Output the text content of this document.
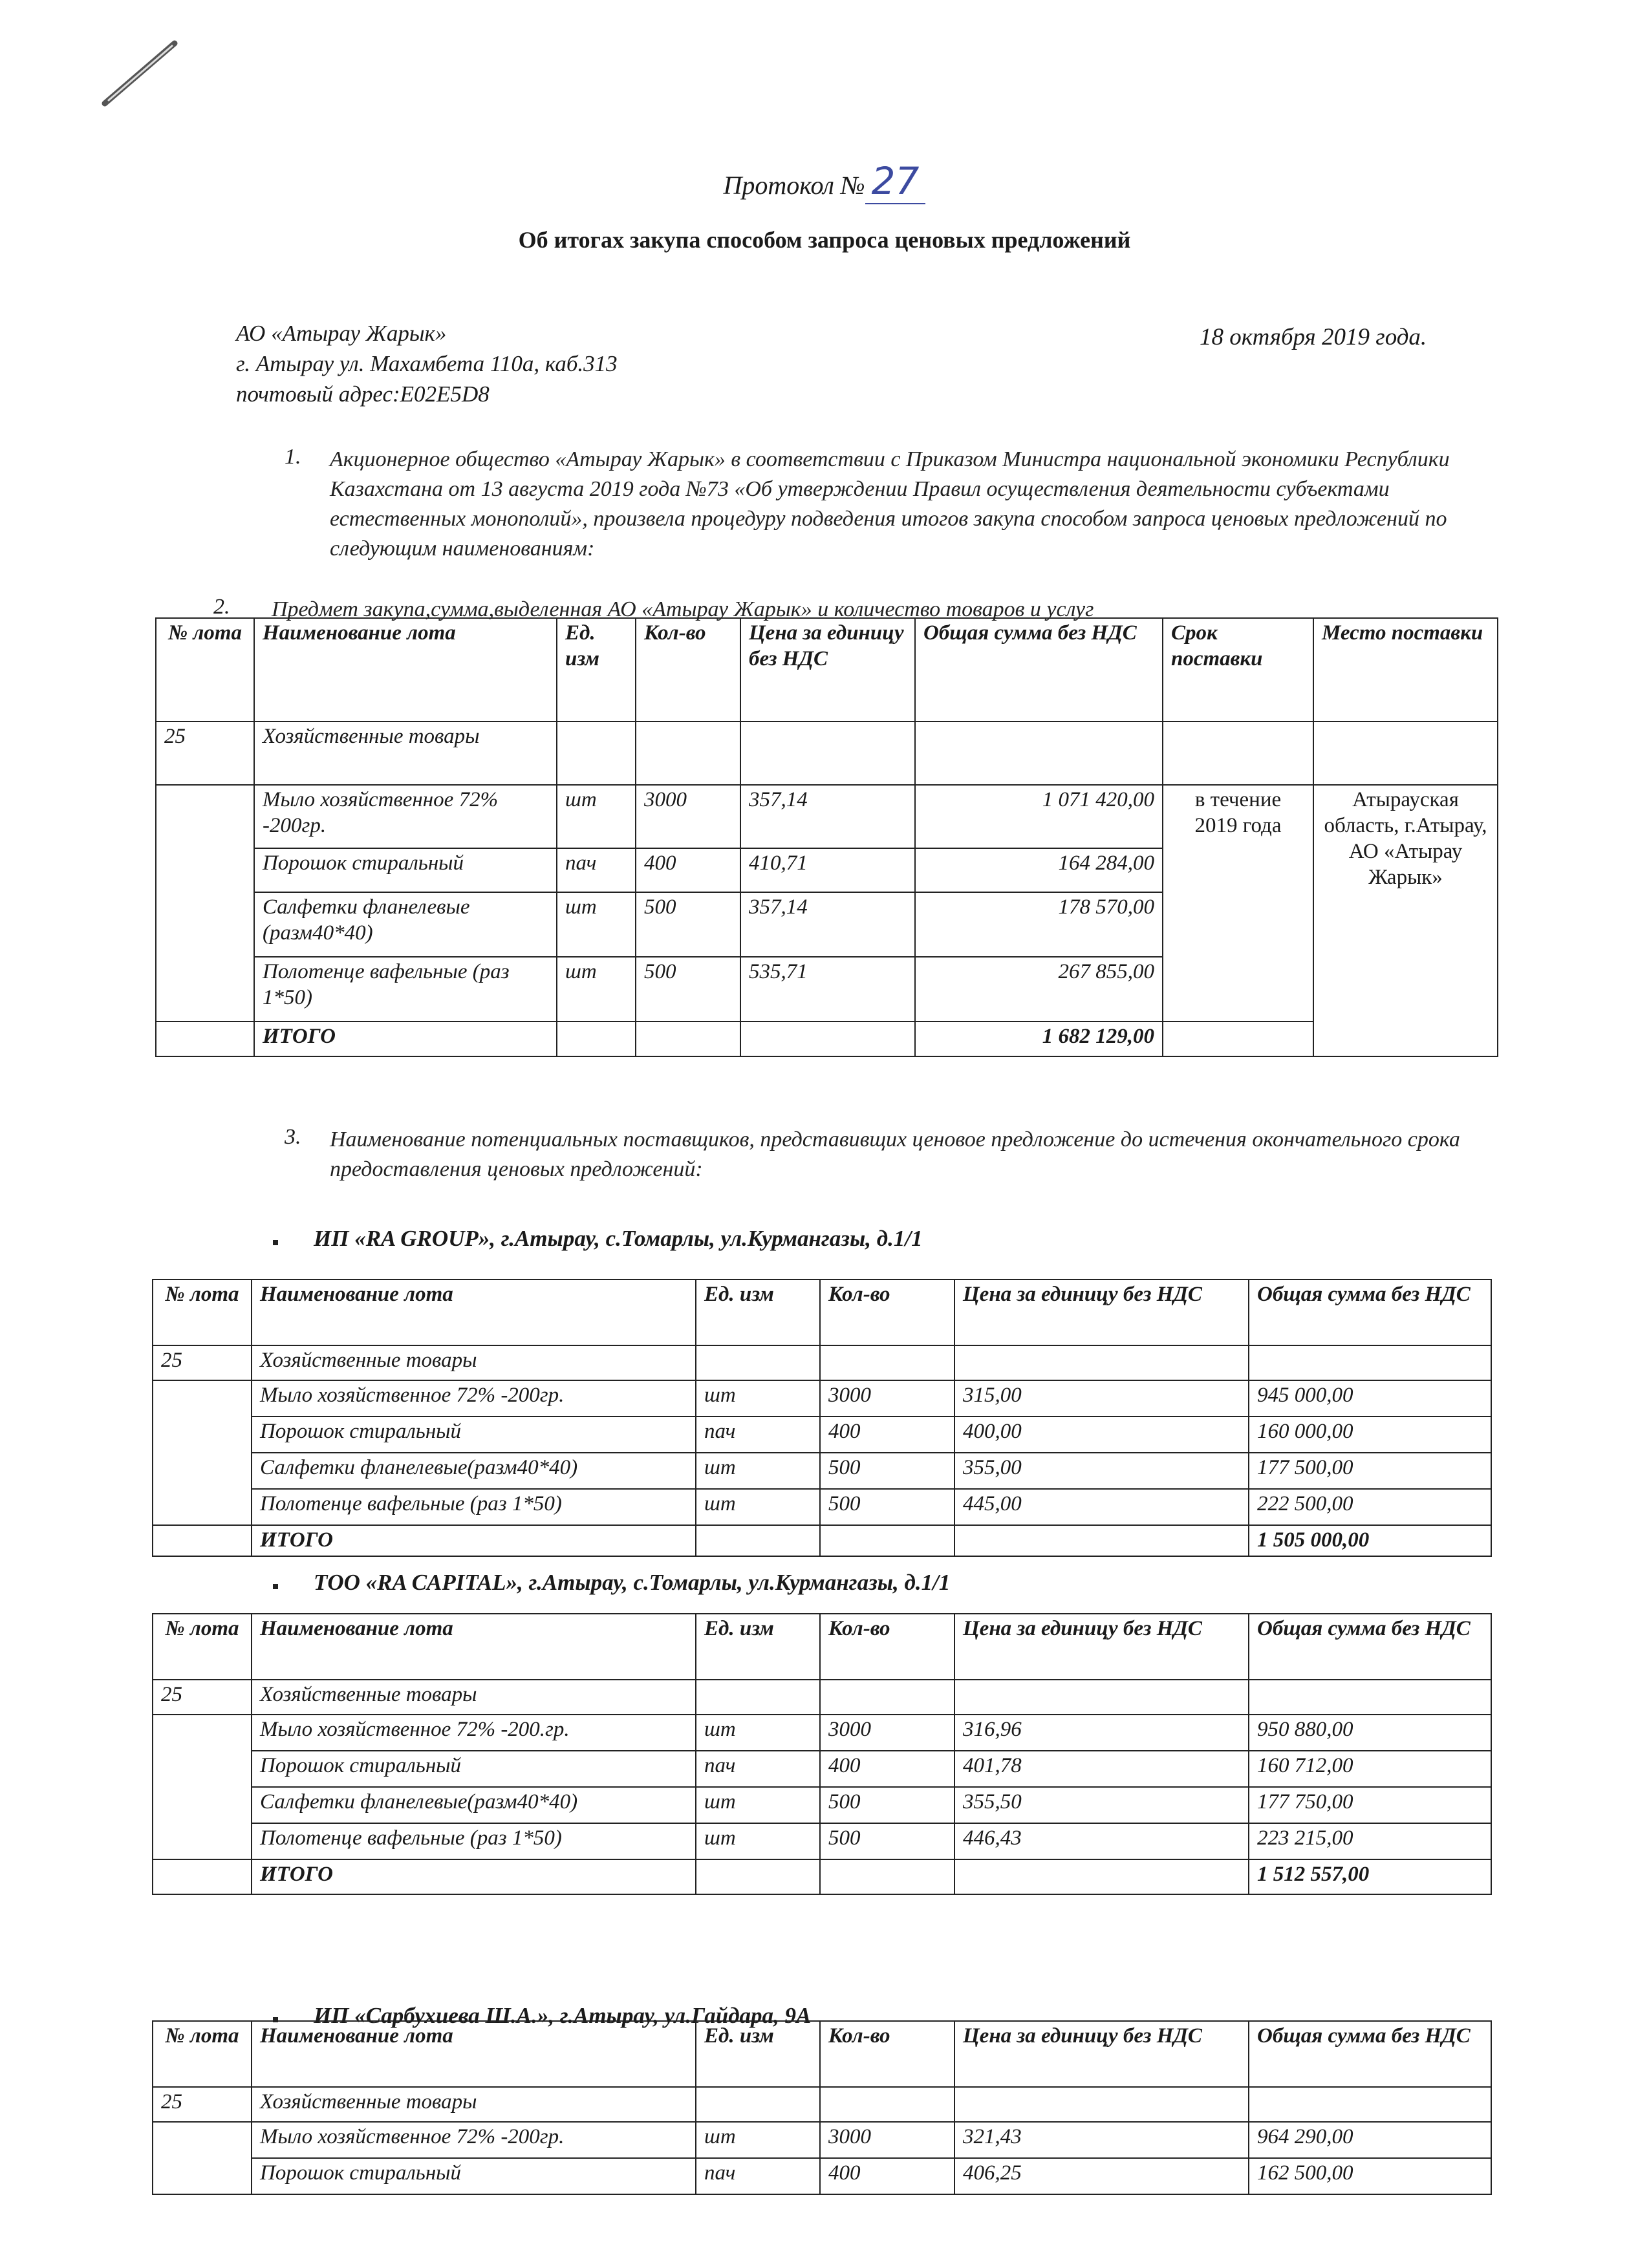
Протокол № 27
Об итогах закупа способом запроса ценовых предложений
АО «Атырау Жарык»
г. Атырау ул. Махамбета 110а, каб.313
почтовый адрес:Е02Е5D8
18 октября 2019 года.
1. Акционерное общество «Атырау Жарык» в соответствии с Приказом Министра национальной экономики Республики Казахстана от 13 августа 2019 года №73 «Об утверждении Правил осуществления деятельности субъектами естественных монополий», произвела процедуру подведения итогов закупа способом запроса ценовых предложений по следующим наименованиям:
2. Предмет закупа,сумма,выделенная АО «Атырау Жарык» и количество товаров и услуг
№ лота	Наименование лота	Ед. изм	Кол-во	Цена за единицу без НДС	Общая сумма без НДС	Срок поставки	Место поставки
25	Хозяйственные товары						
	Мыло хозяйственное 72% -200гр.	шт	3000	357,14	1 071 420,00	в течение 2019 года	Атырауская область, г.Атырау, АО «Атырау Жарык»
	Порошок стиральный	пач	400	410,71	164 284,00		
	Салфетки фланелевые (разм40*40)	шт	500	357,14	178 570,00		
	Полотенце вафельные (раз 1*50)	шт	500	535,71	267 855,00		
	ИТОГО				1 682 129,00		
3. Наименование потенциальных поставщиков, представивщих ценовое предложение до истечения окончательного срока предоставления ценовых предложений:
ИП «RA GROUP», г.Атырау, с.Томарлы, ул.Курмангазы, д.1/1
№ лота	Наименование лота	Ед. изм	Кол-во	Цена за единицу без НДС	Общая сумма без НДС
25	Хозяйственные товары				
	Мыло хозяйственное 72% -200гр.	шт	3000	315,00	945 000,00
	Порошок стиральный	пач	400	400,00	160 000,00
	Салфетки фланелевые(разм40*40)	шт	500	355,00	177 500,00
	Полотенце вафельные (раз 1*50)	шт	500	445,00	222 500,00
	ИТОГО				1 505 000,00
ТОО «RA CAPITAL», г.Атырау, с.Томарлы, ул.Курмангазы, д.1/1
№ лота	Наименование лота	Ед. изм	Кол-во	Цена за единицу без НДС	Общая сумма без НДС
25	Хозяйственные товары				
	Мыло хозяйственное 72% -200.гр.	шт	3000	316,96	950 880,00
	Порошок стиральный	пач	400	401,78	160 712,00
	Салфетки фланелевые(разм40*40)	шт	500	355,50	177 750,00
	Полотенце вафельные (раз 1*50)	шт	500	446,43	223 215,00
	ИТОГО				1 512 557,00
ИП «Сарбухиева Ш.А.», г.Атырау, ул.Гайдара, 9А
№ лота	Наименование лота	Ед. изм	Кол-во	Цена за единицу без НДС	Общая сумма без НДС
25	Хозяйственные товары				
	Мыло хозяйственное 72% -200гр.	шт	3000	321,43	964 290,00
	Порошок стиральный	пач	400	406,25	162 500,00
